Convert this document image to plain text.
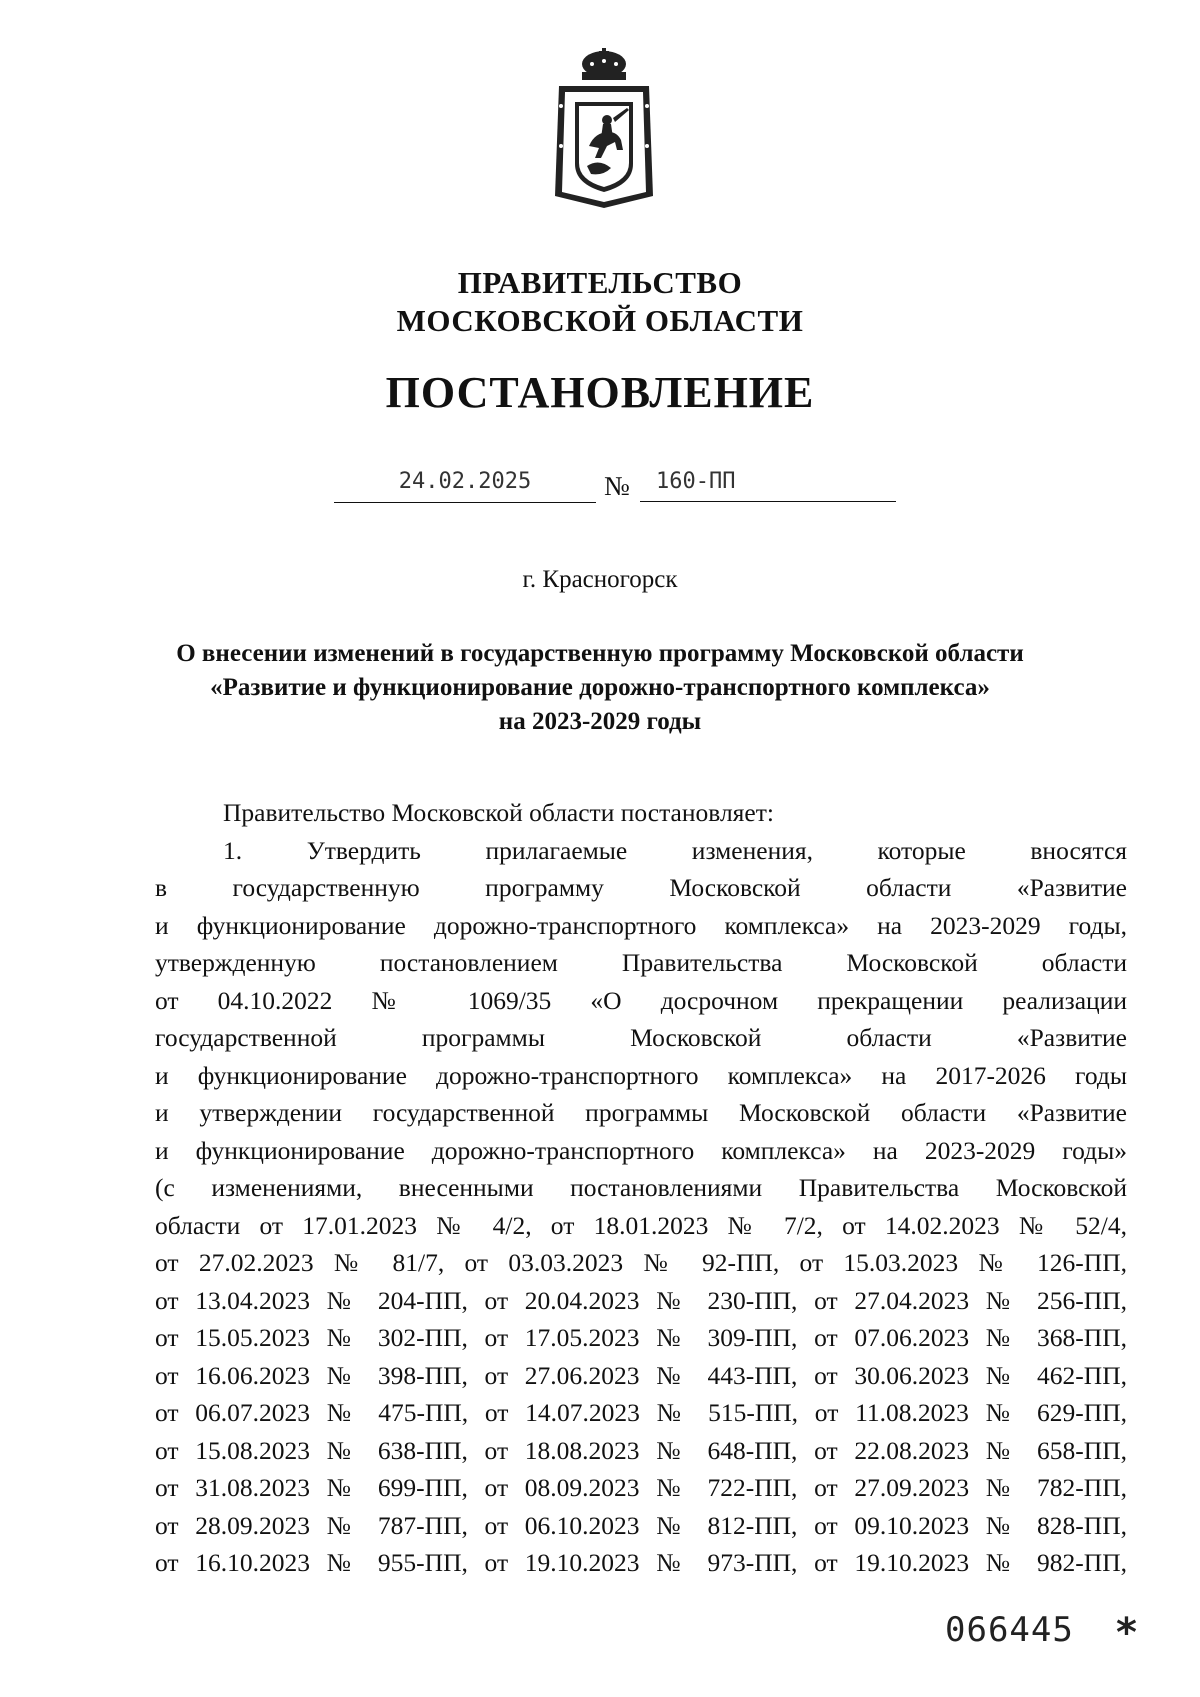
ПРАВИТЕЛЬСТВО
МОСКОВСКОЙ ОБЛАСТИ
ПОСТАНОВЛЕНИЕ
24.02.2025	№	160-ПП
г. Красногорск
О внесении изменений в государственную программу Московской области
«Развитие и функционирование дорожно-транспортного комплекса»
на 2023-2029 годы
Правительство Московской области постановляет:
1. Утвердить прилагаемые изменения, которые вносятся
в государственную программу Московской области «Развитие
и функционирование дорожно-транспортного комплекса» на 2023-2029 годы,
утвержденную постановлением Правительства Московской области
от 04.10.2022 № 1069/35 «О досрочном прекращении реализации
государственной программы Московской области «Развитие
и функционирование дорожно-транспортного комплекса» на 2017-2026 годы
и утверждении государственной программы Московской области «Развитие
и функционирование дорожно-транспортного комплекса» на 2023-2029 годы»
(с изменениями, внесенными постановлениями Правительства Московской
области от 17.01.2023 № 4/2, от 18.01.2023 № 7/2, от 14.02.2023 № 52/4,
от 27.02.2023 № 81/7, от 03.03.2023 № 92-ПП, от 15.03.2023 № 126-ПП,
от 13.04.2023 № 204-ПП, от 20.04.2023 № 230-ПП, от 27.04.2023 № 256-ПП,
от 15.05.2023 № 302-ПП, от 17.05.2023 № 309-ПП, от 07.06.2023 № 368-ПП,
от 16.06.2023 № 398-ПП, от 27.06.2023 № 443-ПП, от 30.06.2023 № 462-ПП,
от 06.07.2023 № 475-ПП, от 14.07.2023 № 515-ПП, от 11.08.2023 № 629-ПП,
от 15.08.2023 № 638-ПП, от 18.08.2023 № 648-ПП, от 22.08.2023 № 658-ПП,
от 31.08.2023 № 699-ПП, от 08.09.2023 № 722-ПП, от 27.09.2023 № 782-ПП,
от 28.09.2023 № 787-ПП, от 06.10.2023 № 812-ПП, от 09.10.2023 № 828-ПП,
от 16.10.2023 № 955-ПП, от 19.10.2023 № 973-ПП, от 19.10.2023 № 982-ПП,
066445 *
